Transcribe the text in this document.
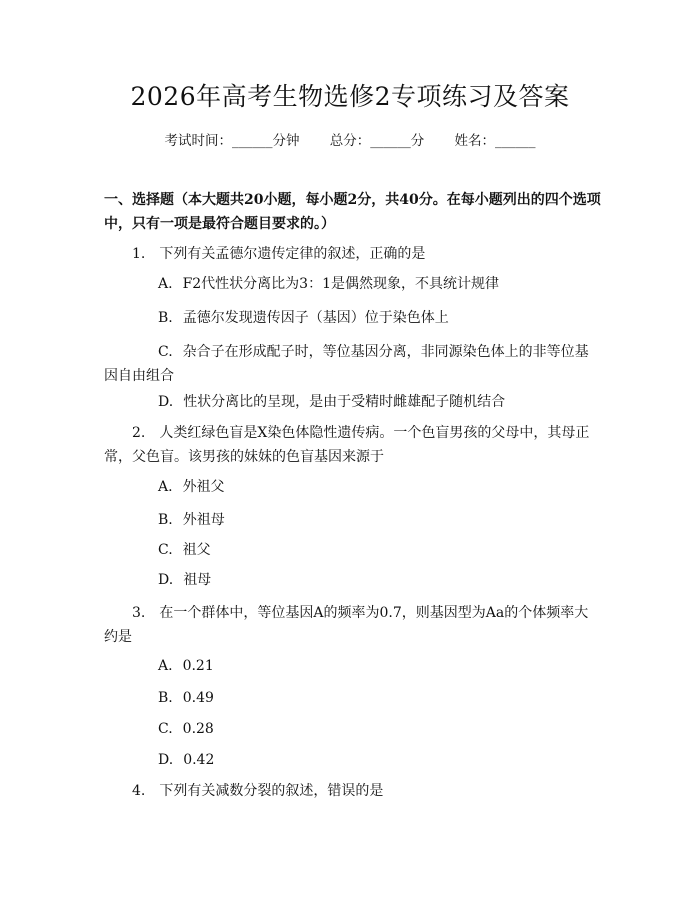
2026年高考生物选修2专项练习及答案
考试时间：______分钟 总分：______分 姓名：______
一、选择题（本大题共20小题，每小题2分，共40分。在每小题列出的四个选项中，只有一项是最符合题目要求的。）
1. 下列有关孟德尔遗传定律的叙述，正确的是
A. F2代性状分离比为3：1是偶然现象，不具统计规律
B. 孟德尔发现遗传因子（基因）位于染色体上
C. 杂合子在形成配子时，等位基因分离，非同源染色体上的非等位基因自由组合
D. 性状分离比的呈现，是由于受精时雌雄配子随机结合
2. 人类红绿色盲是X染色体隐性遗传病。一个色盲男孩的父母中，其母正常，父色盲。该男孩的妹妹的色盲基因来源于
A. 外祖父
B. 外祖母
C. 祖父
D. 祖母
3. 在一个群体中，等位基因A的频率为0.7，则基因型为Aa的个体频率大约是
A. 0.21
B. 0.49
C. 0.28
D. 0.42
4. 下列有关减数分裂的叙述，错误的是
